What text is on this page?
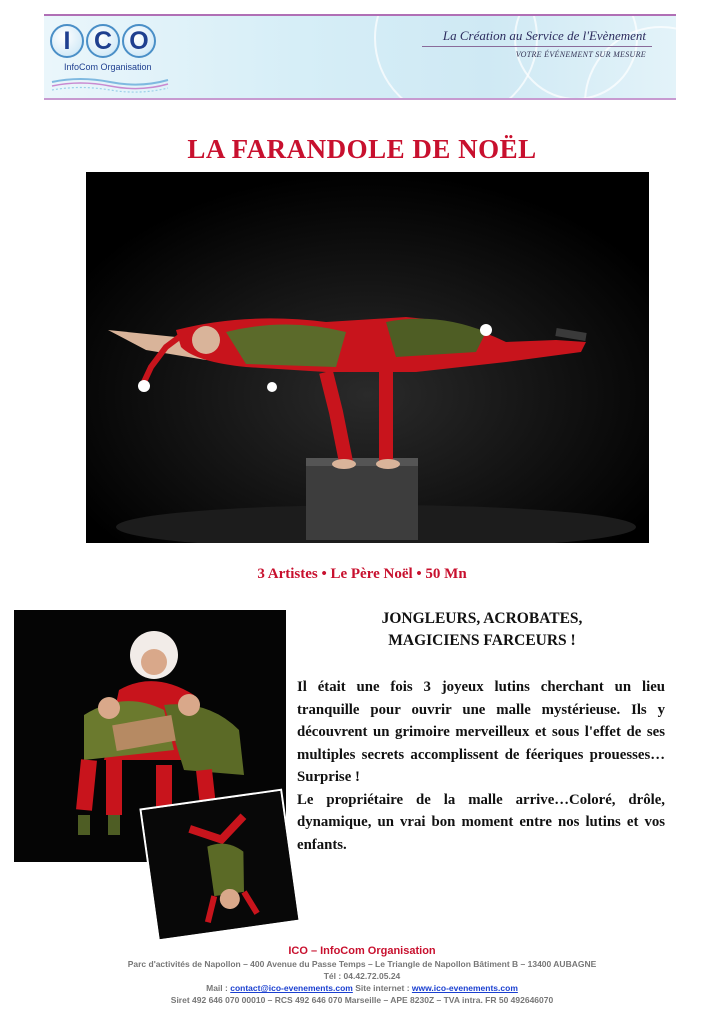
I C O
InfoCom Organisation
La Création au Service de l'Evènement
VOTRE ÉVÉNEMENT SUR MESURE
LA FARANDOLE DE NOËL
3 Artistes • Le Père Noël • 50 Mn
JONGLEURS, ACROBATES,
MAGICIENS FARCEURS !

Il était une fois 3 joyeux lutins cherchant un lieu tranquille pour ouvrir une malle mystérieuse. Ils y découvrent un grimoire merveilleux et sous l'effet de ses multiples secrets accomplissent de féeriques prouesses… Surprise !

Le propriétaire de la malle arrive…Coloré, drôle, dynamique, un vrai bon moment entre nos lutins et vos enfants.

ICO – InfoCom Organisation
Parc d'activités de Napollon – 400 Avenue du Passe Temps – Le Triangle de Napollon Bâtiment B – 13400 AUBAGNE
Tél : 04.42.72.05.24
Mail : contact@ico-evenements.com Site internet : www.ico-evenements.com
Siret 492 646 070 00010 – RCS 492 646 070 Marseille – APE 8230Z – TVA intra. FR 50 492646070
